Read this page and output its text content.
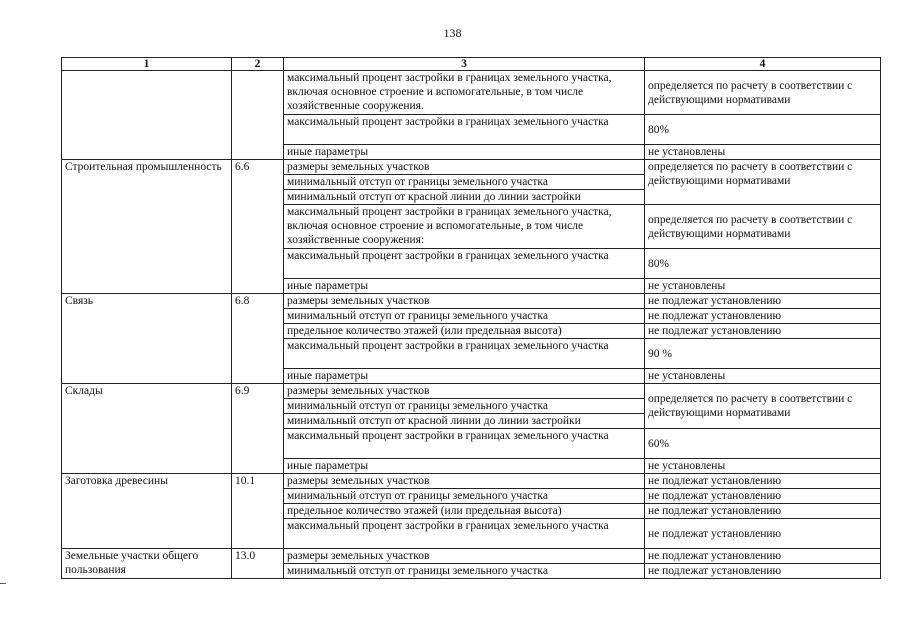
138
1	2	3	4
		максимальный процент застройки в границах земельного участка, включая основное строение и вспомогательные, в том числе хозяйственные сооружения.	определяется по расчету в соответствии с действующими нормативами
		максимальный процент застройки в границах земельного участка	80%
		иные параметры	не установлены
Строительная промышленность	6.6	размеры земельных участков	определяется по расчету в соответствии с действующими нормативами
		минимальный отступ от границы земельного участка	
		минимальный отступ от красной линии до линии застройки	
		максимальный процент застройки в границах земельного участка, включая основное строение и вспомогательные, в том числе хозяйственные сооружения:	определяется по расчету в соответствии с действующими нормативами
		максимальный процент застройки в границах земельного участка	80%
		иные параметры	не установлены
Связь	6.8	размеры земельных участков	не подлежат установлению
		минимальный отступ от границы земельного участка	не подлежат установлению
		предельное количество этажей (или предельная высота)	не подлежат установлению
		максимальный процент застройки в границах земельного участка	90 %
		иные параметры	не установлены
Склады	6.9	размеры земельных участков	определяется по расчету в соответствии с действующими нормативами
		минимальный отступ от границы земельного участка	
		минимальный отступ от красной линии до линии застройки	
		максимальный процент застройки в границах земельного участка	60%
		иные параметры	не установлены
Заготовка древесины	10.1	размеры земельных участков	не подлежат установлению
		минимальный отступ от границы земельного участка	не подлежат установлению
		предельное количество этажей (или предельная высота)	не подлежат установлению
		максимальный процент застройки в границах земельного участка	не подлежат установлению
Земельные участки общего пользования	13.0	размеры земельных участков	не подлежат установлению
		минимальный отступ от границы земельного участка	не подлежат установлению
